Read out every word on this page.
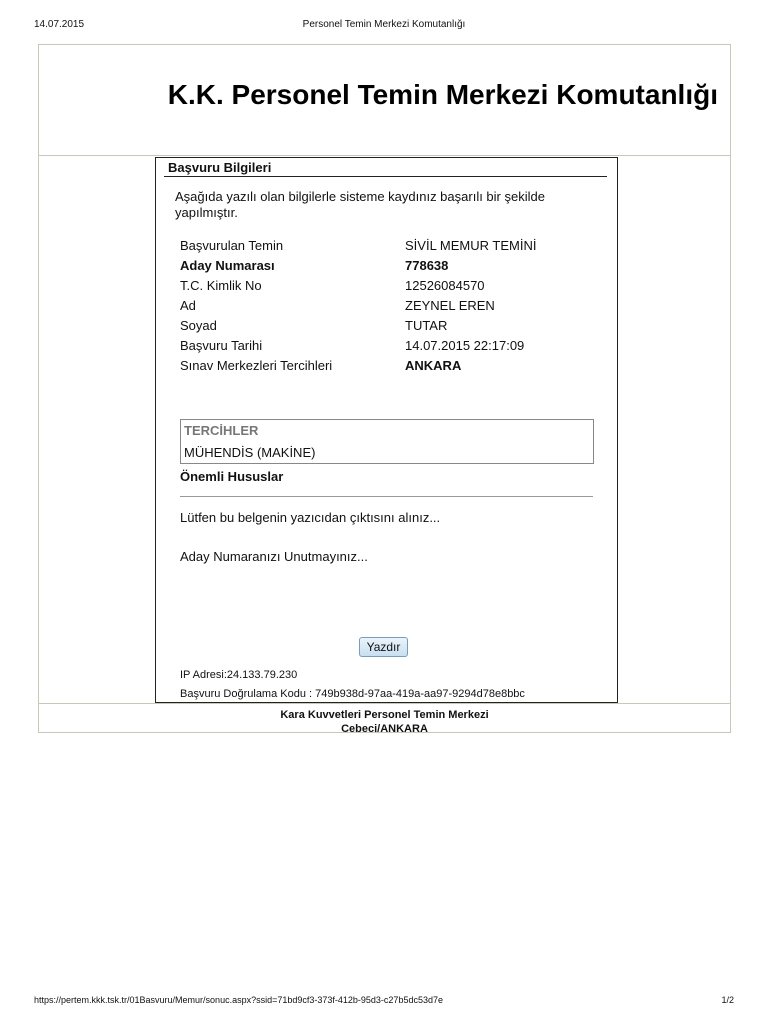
14.07.2015	Personel Temin Merkezi Komutanlığı
K.K. Personel Temin Merkezi Komutanlığı
Başvuru Bilgileri
Aşağıda yazılı olan bilgilerle sisteme kaydınız başarılı bir şekilde yapılmıştır.
Başvurulan Temin	SİVİL MEMUR TEMİNİ
Aday Numarası	778638
T.C. Kimlik No	12526084570
Ad	ZEYNEL EREN
Soyad	TUTAR
Başvuru Tarihi	14.07.2015 22:17:09
Sınav Merkezleri Tercihleri	ANKARA
TERCİHLER
MÜHENDİS (MAKİNE)
Önemli Hususlar
Lütfen bu belgenin yazıcıdan çıktısını alınız...
Aday Numaranızı Unutmayınız...
Yazdır
IP Adresi:24.133.79.230
Başvuru Doğrulama Kodu : 749b938d-97aa-419a-aa97-9294d78e8bbc
Kara Kuvvetleri Personel Temin Merkezi
Cebeci/ANKARA
https://pertem.kkk.tsk.tr/01Basvuru/Memur/sonuc.aspx?ssid=71bd9cf3-373f-412b-95d3-c27b5dc53d7e	1/2
